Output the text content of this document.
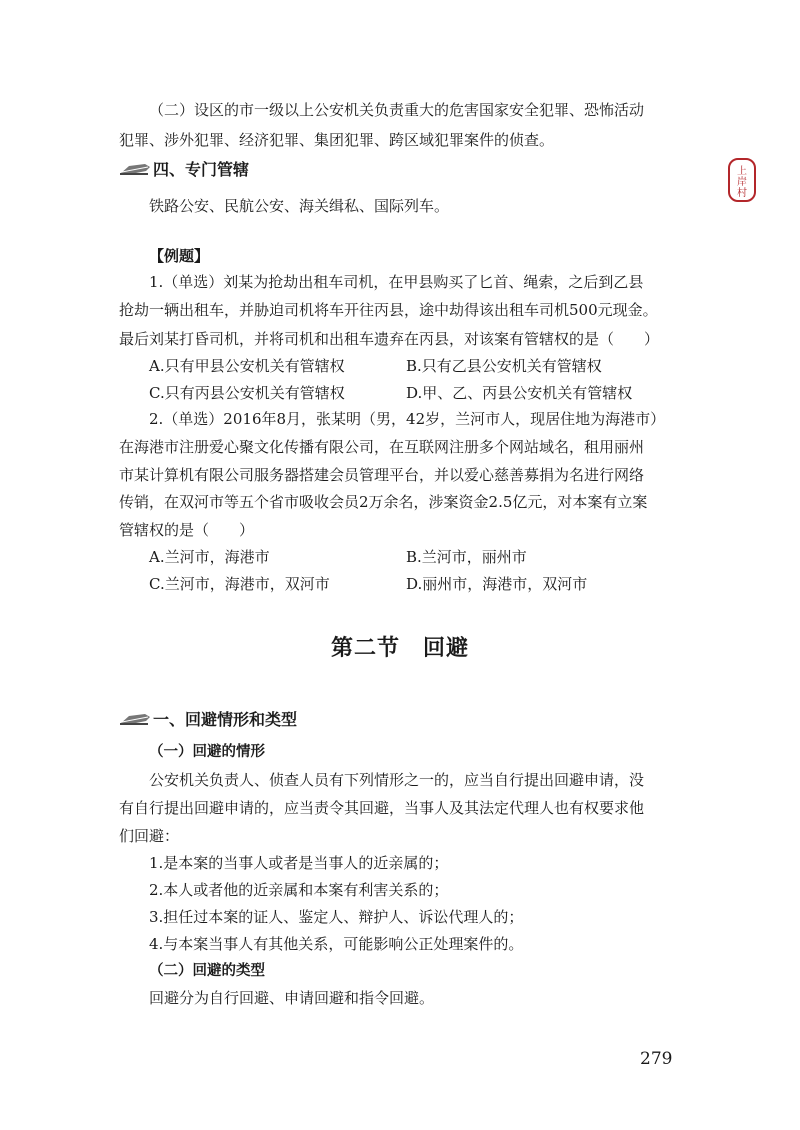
上
岸
村
（二）设区的市一级以上公安机关负责重大的危害国家安全犯罪、恐怖活动
犯罪、涉外犯罪、经济犯罪、集团犯罪、跨区域犯罪案件的侦查。
四、专门管辖
铁路公安、民航公安、海关缉私、国际列车。
【例题】
1.（单选）刘某为抢劫出租车司机，在甲县购买了匕首、绳索，之后到乙县
抢劫一辆出租车，并胁迫司机将车开往丙县，途中劫得该出租车司机500元现金。
最后刘某打昏司机，并将司机和出租车遗弃在丙县，对该案有管辖权的是（　　）
A.只有甲县公安机关有管辖权	B.只有乙县公安机关有管辖权
C.只有丙县公安机关有管辖权	D.甲、乙、丙县公安机关有管辖权
2.（单选）2016年8月，张某明（男，42岁，兰河市人，现居住地为海港市）
在海港市注册爱心聚文化传播有限公司，在互联网注册多个网站域名，租用丽州
市某计算机有限公司服务器搭建会员管理平台，并以爱心慈善募捐为名进行网络
传销，在双河市等五个省市吸收会员2万余名，涉案资金2.5亿元，对本案有立案
管辖权的是（　　）
A.兰河市，海港市	B.兰河市，丽州市
C.兰河市，海港市，双河市	D.丽州市，海港市，双河市
第二节　回避
一、回避情形和类型
（一）回避的情形
公安机关负责人、侦查人员有下列情形之一的，应当自行提出回避申请，没
有自行提出回避申请的，应当责令其回避，当事人及其法定代理人也有权要求他
们回避：
1.是本案的当事人或者是当事人的近亲属的；
2.本人或者他的近亲属和本案有利害关系的；
3.担任过本案的证人、鉴定人、辩护人、诉讼代理人的；
4.与本案当事人有其他关系，可能影响公正处理案件的。
（二）回避的类型
回避分为自行回避、申请回避和指令回避。
279
